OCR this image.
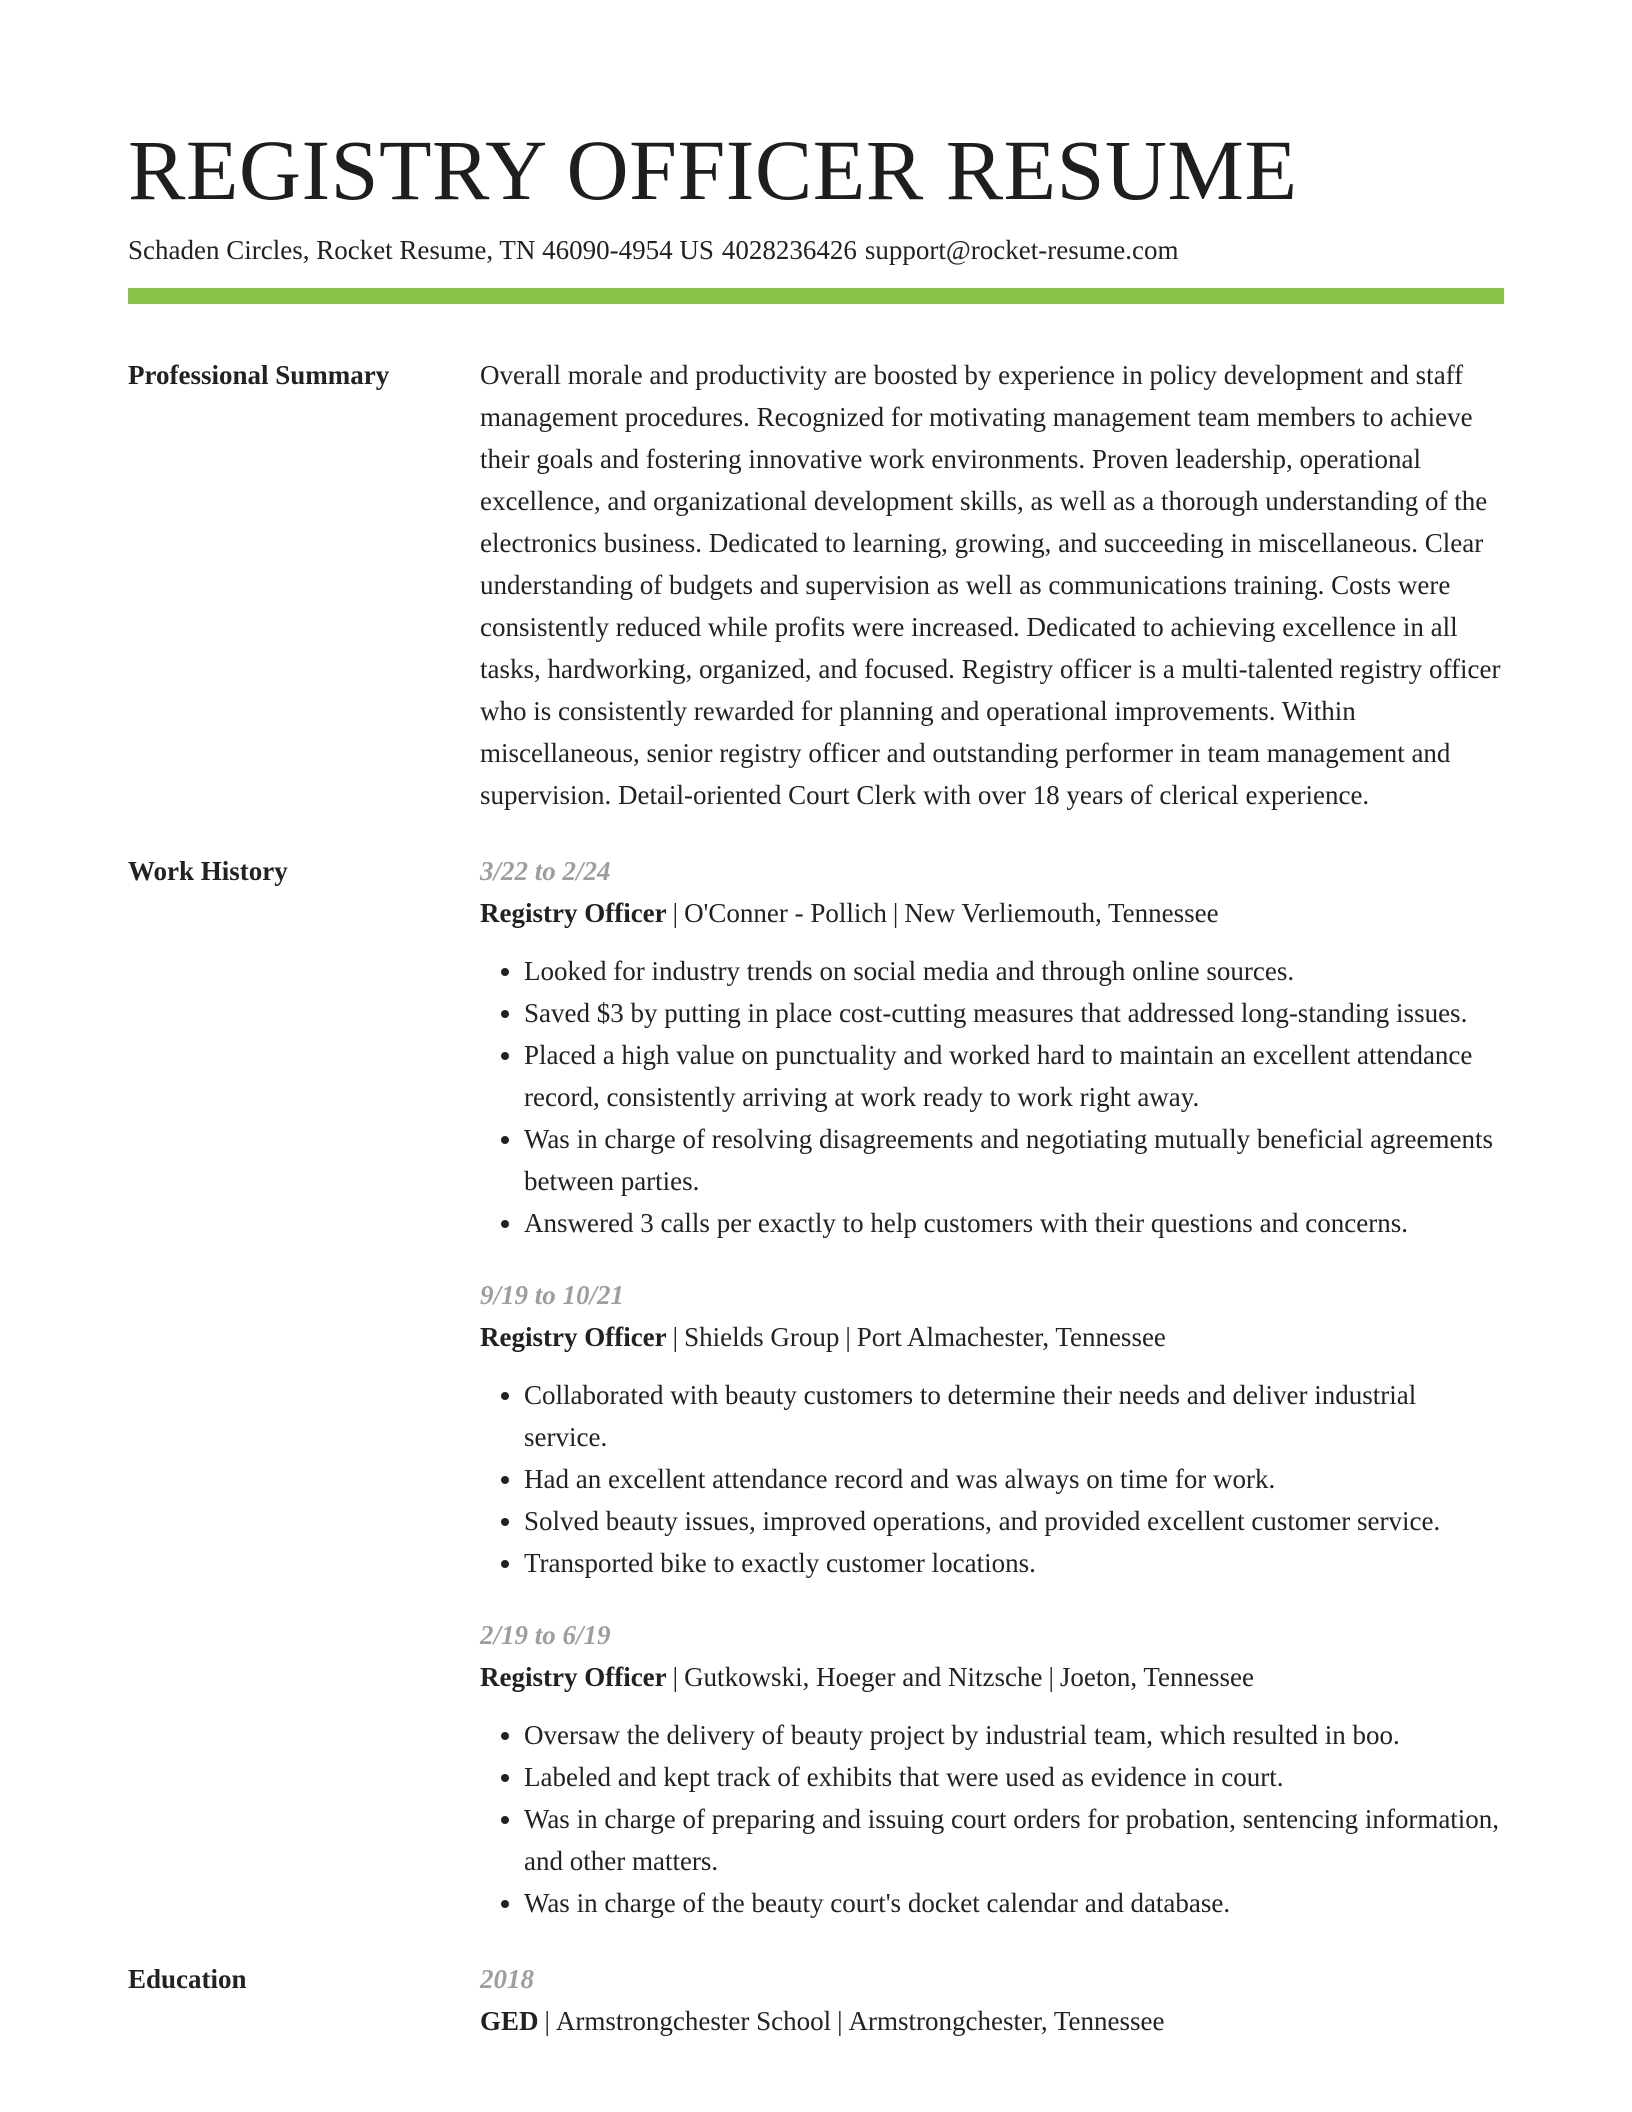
REGISTRY OFFICER RESUME
Schaden Circles, Rocket Resume, TN 46090-4954 US 4028236426 support@rocket-resume.com
Professional Summary	Overall morale and productivity are boosted by experience in policy development and staff management procedures. Recognized for motivating management team members to achieve their goals and fostering innovative work environments. Proven leadership, operational excellence, and organizational development skills, as well as a thorough understanding of the electronics business. Dedicated to learning, growing, and succeeding in miscellaneous. Clear understanding of budgets and supervision as well as communications training. Costs were consistently reduced while profits were increased. Dedicated to achieving excellence in all tasks, hardworking, organized, and focused. Registry officer is a multi-talented registry officer who is consistently rewarded for planning and operational improvements. Within miscellaneous, senior registry officer and outstanding performer in team management and supervision. Detail-oriented Court Clerk with over 18 years of clerical experience.

Work History	3/22 to 2/24
Registry Officer | O'Conner - Pollich | New Verliemouth, Tennessee
• Looked for industry trends on social media and through online sources.
• Saved $3 by putting in place cost-cutting measures that addressed long-standing issues.
• Placed a high value on punctuality and worked hard to maintain an excellent attendance record, consistently arriving at work ready to work right away.
• Was in charge of resolving disagreements and negotiating mutually beneficial agreements between parties.
• Answered 3 calls per exactly to help customers with their questions and concerns.
9/19 to 10/21
Registry Officer | Shields Group | Port Almachester, Tennessee
• Collaborated with beauty customers to determine their needs and deliver industrial service.
• Had an excellent attendance record and was always on time for work.
• Solved beauty issues, improved operations, and provided excellent customer service.
• Transported bike to exactly customer locations.
2/19 to 6/19
Registry Officer | Gutkowski, Hoeger and Nitzsche | Joeton, Tennessee
• Oversaw the delivery of beauty project by industrial team, which resulted in boo.
• Labeled and kept track of exhibits that were used as evidence in court.
• Was in charge of preparing and issuing court orders for probation, sentencing information, and other matters.
• Was in charge of the beauty court's docket calendar and database.
Education	2018
GED | Armstrongchester School | Armstrongchester, Tennessee
